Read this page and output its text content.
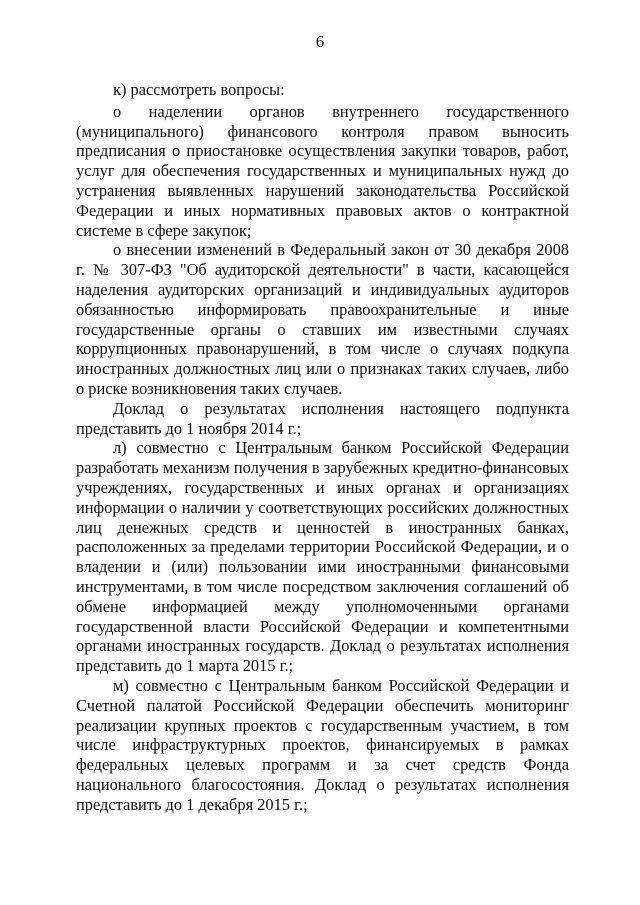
6

к) рассмотреть вопросы:

о наделении органов внутреннего государственного (муниципального) финансового контроля правом выносить предписания о приостановке осуществления закупки товаров, работ, услуг для обеспечения государственных и муниципальных нужд до устранения выявленных нарушений законодательства Российской Федерации и иных нормативных правовых актов о контрактной системе в сфере закупок;

о внесении изменений в Федеральный закон от 30 декабря 2008 г. № 307-ФЗ "Об аудиторской деятельности" в части, касающейся наделения аудиторских организаций и индивидуальных аудиторов обязанностью информировать правоохранительные и иные государственные органы о ставших им известными случаях коррупционных правонарушений, в том числе о случаях подкупа иностранных должностных лиц или о признаках таких случаев, либо о риске возникновения таких случаев.

Доклад о результатах исполнения настоящего подпункта представить до 1 ноября 2014 г.;

л) совместно с Центральным банком Российской Федерации разработать механизм получения в зарубежных кредитно-финансовых учреждениях, государственных и иных органах и организациях информации о наличии у соответствующих российских должностных лиц денежных средств и ценностей в иностранных банках, расположенных за пределами территории Российской Федерации, и о владении и (или) пользовании ими иностранными финансовыми инструментами, в том числе посредством заключения соглашений об обмене информацией между уполномоченными органами государственной власти Российской Федерации и компетентными органами иностранных государств. Доклад о результатах исполнения представить до 1 марта 2015 г.;

м) совместно с Центральным банком Российской Федерации и Счетной палатой Российской Федерации обеспечить мониторинг реализации крупных проектов с государственным участием, в том числе инфраструктурных проектов, финансируемых в рамках федеральных целевых программ и за счет средств Фонда национального благосостояния. Доклад о результатах исполнения представить до 1 декабря 2015 г.;
